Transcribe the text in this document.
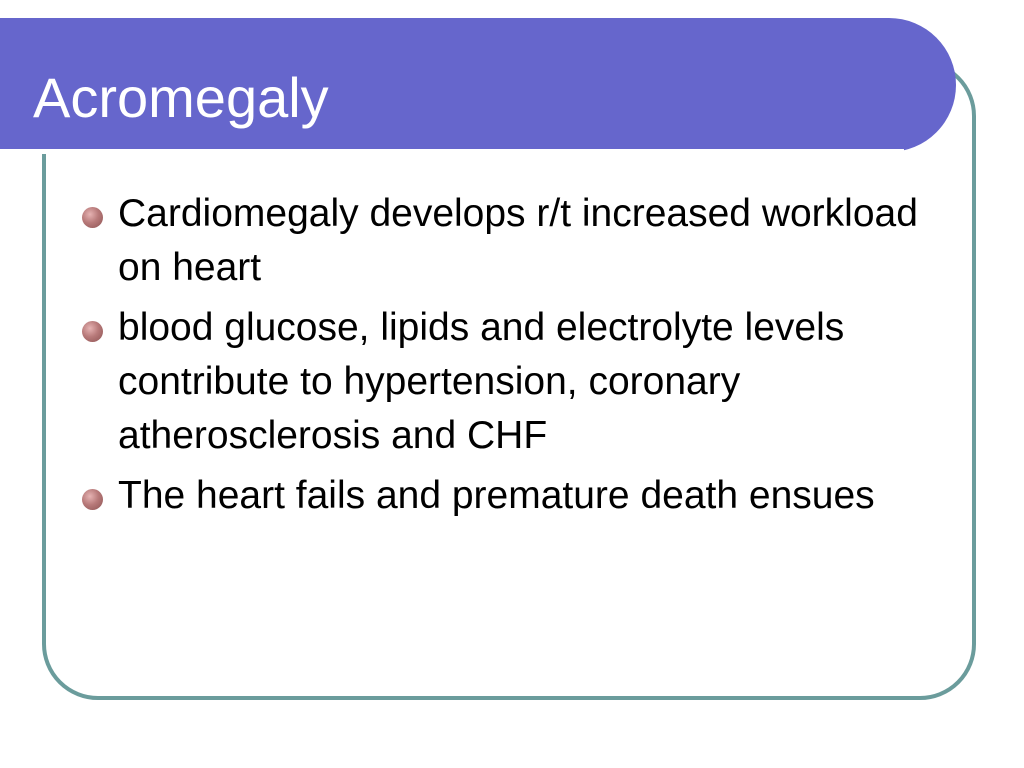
Acromegaly
Cardiomegaly develops r/t increased workload on heart
blood glucose, lipids and electrolyte levels contribute to hypertension, coronary atherosclerosis and CHF
The heart fails and premature death ensues
